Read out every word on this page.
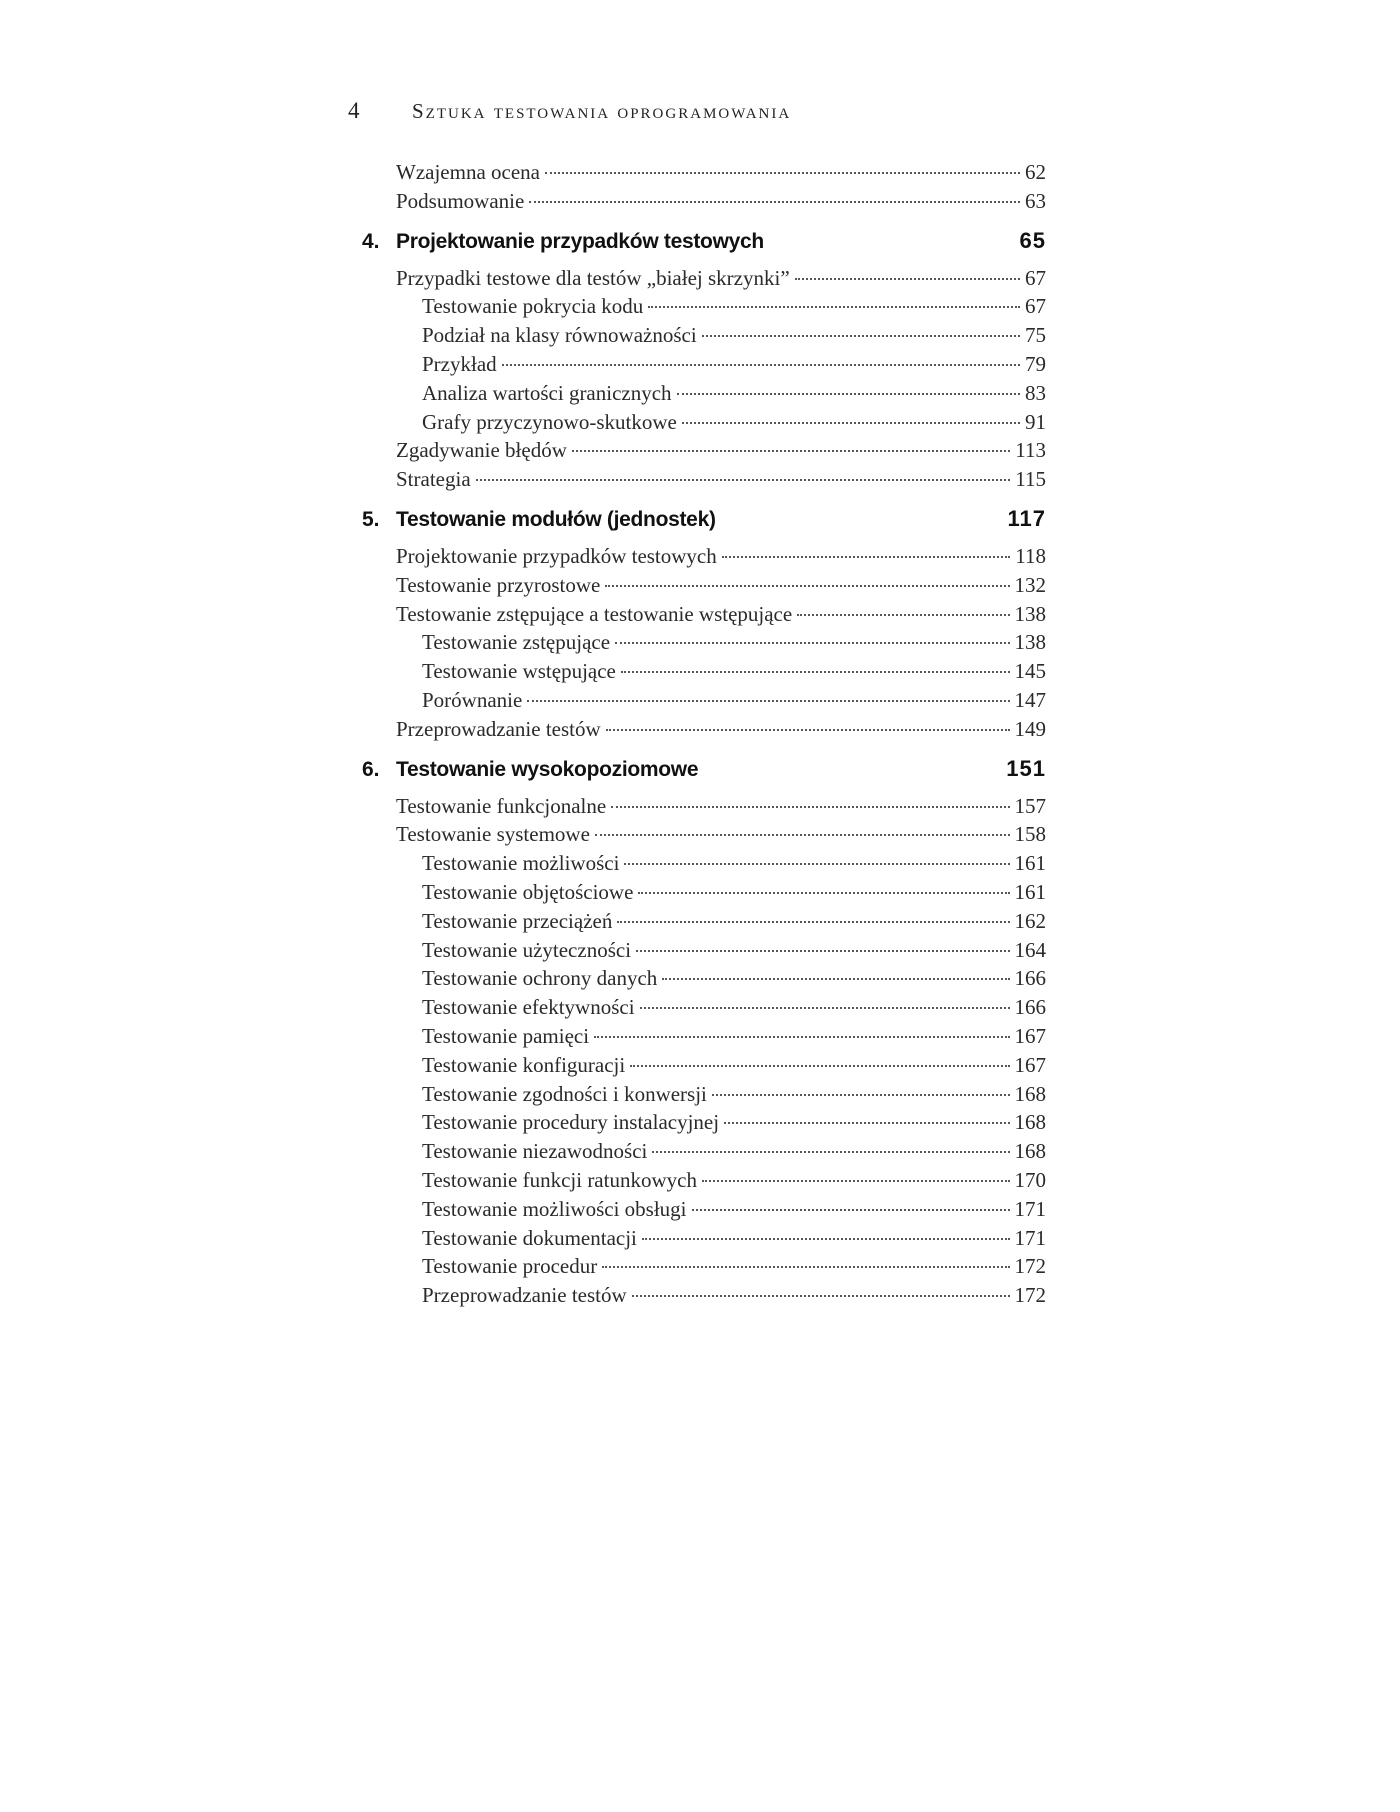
4	Sztuka testowania oprogramowania
Wzajemna ocena	62
Podsumowanie	63
4. Projektowanie przypadków testowych	65
Przypadki testowe dla testów „białej skrzynki”	67
Testowanie pokrycia kodu	67
Podział na klasy równoważności	75
Przykład	79
Analiza wartości granicznych	83
Grafy przyczynowo-skutkowe	91
Zgadywanie błędów	113
Strategia	115
5. Testowanie modułów (jednostek)	117
Projektowanie przypadków testowych	118
Testowanie przyrostowe	132
Testowanie zstępujące a testowanie wstępujące	138
Testowanie zstępujące	138
Testowanie wstępujące	145
Porównanie	147
Przeprowadzanie testów	149
6. Testowanie wysokopoziomowe	151
Testowanie funkcjonalne	157
Testowanie systemowe	158
Testowanie możliwości	161
Testowanie objętościowe	161
Testowanie przeciążeń	162
Testowanie użyteczności	164
Testowanie ochrony danych	166
Testowanie efektywności	166
Testowanie pamięci	167
Testowanie konfiguracji	167
Testowanie zgodności i konwersji	168
Testowanie procedury instalacyjnej	168
Testowanie niezawodności	168
Testowanie funkcji ratunkowych	170
Testowanie możliwości obsługi	171
Testowanie dokumentacji	171
Testowanie procedur	172
Przeprowadzanie testów	172
